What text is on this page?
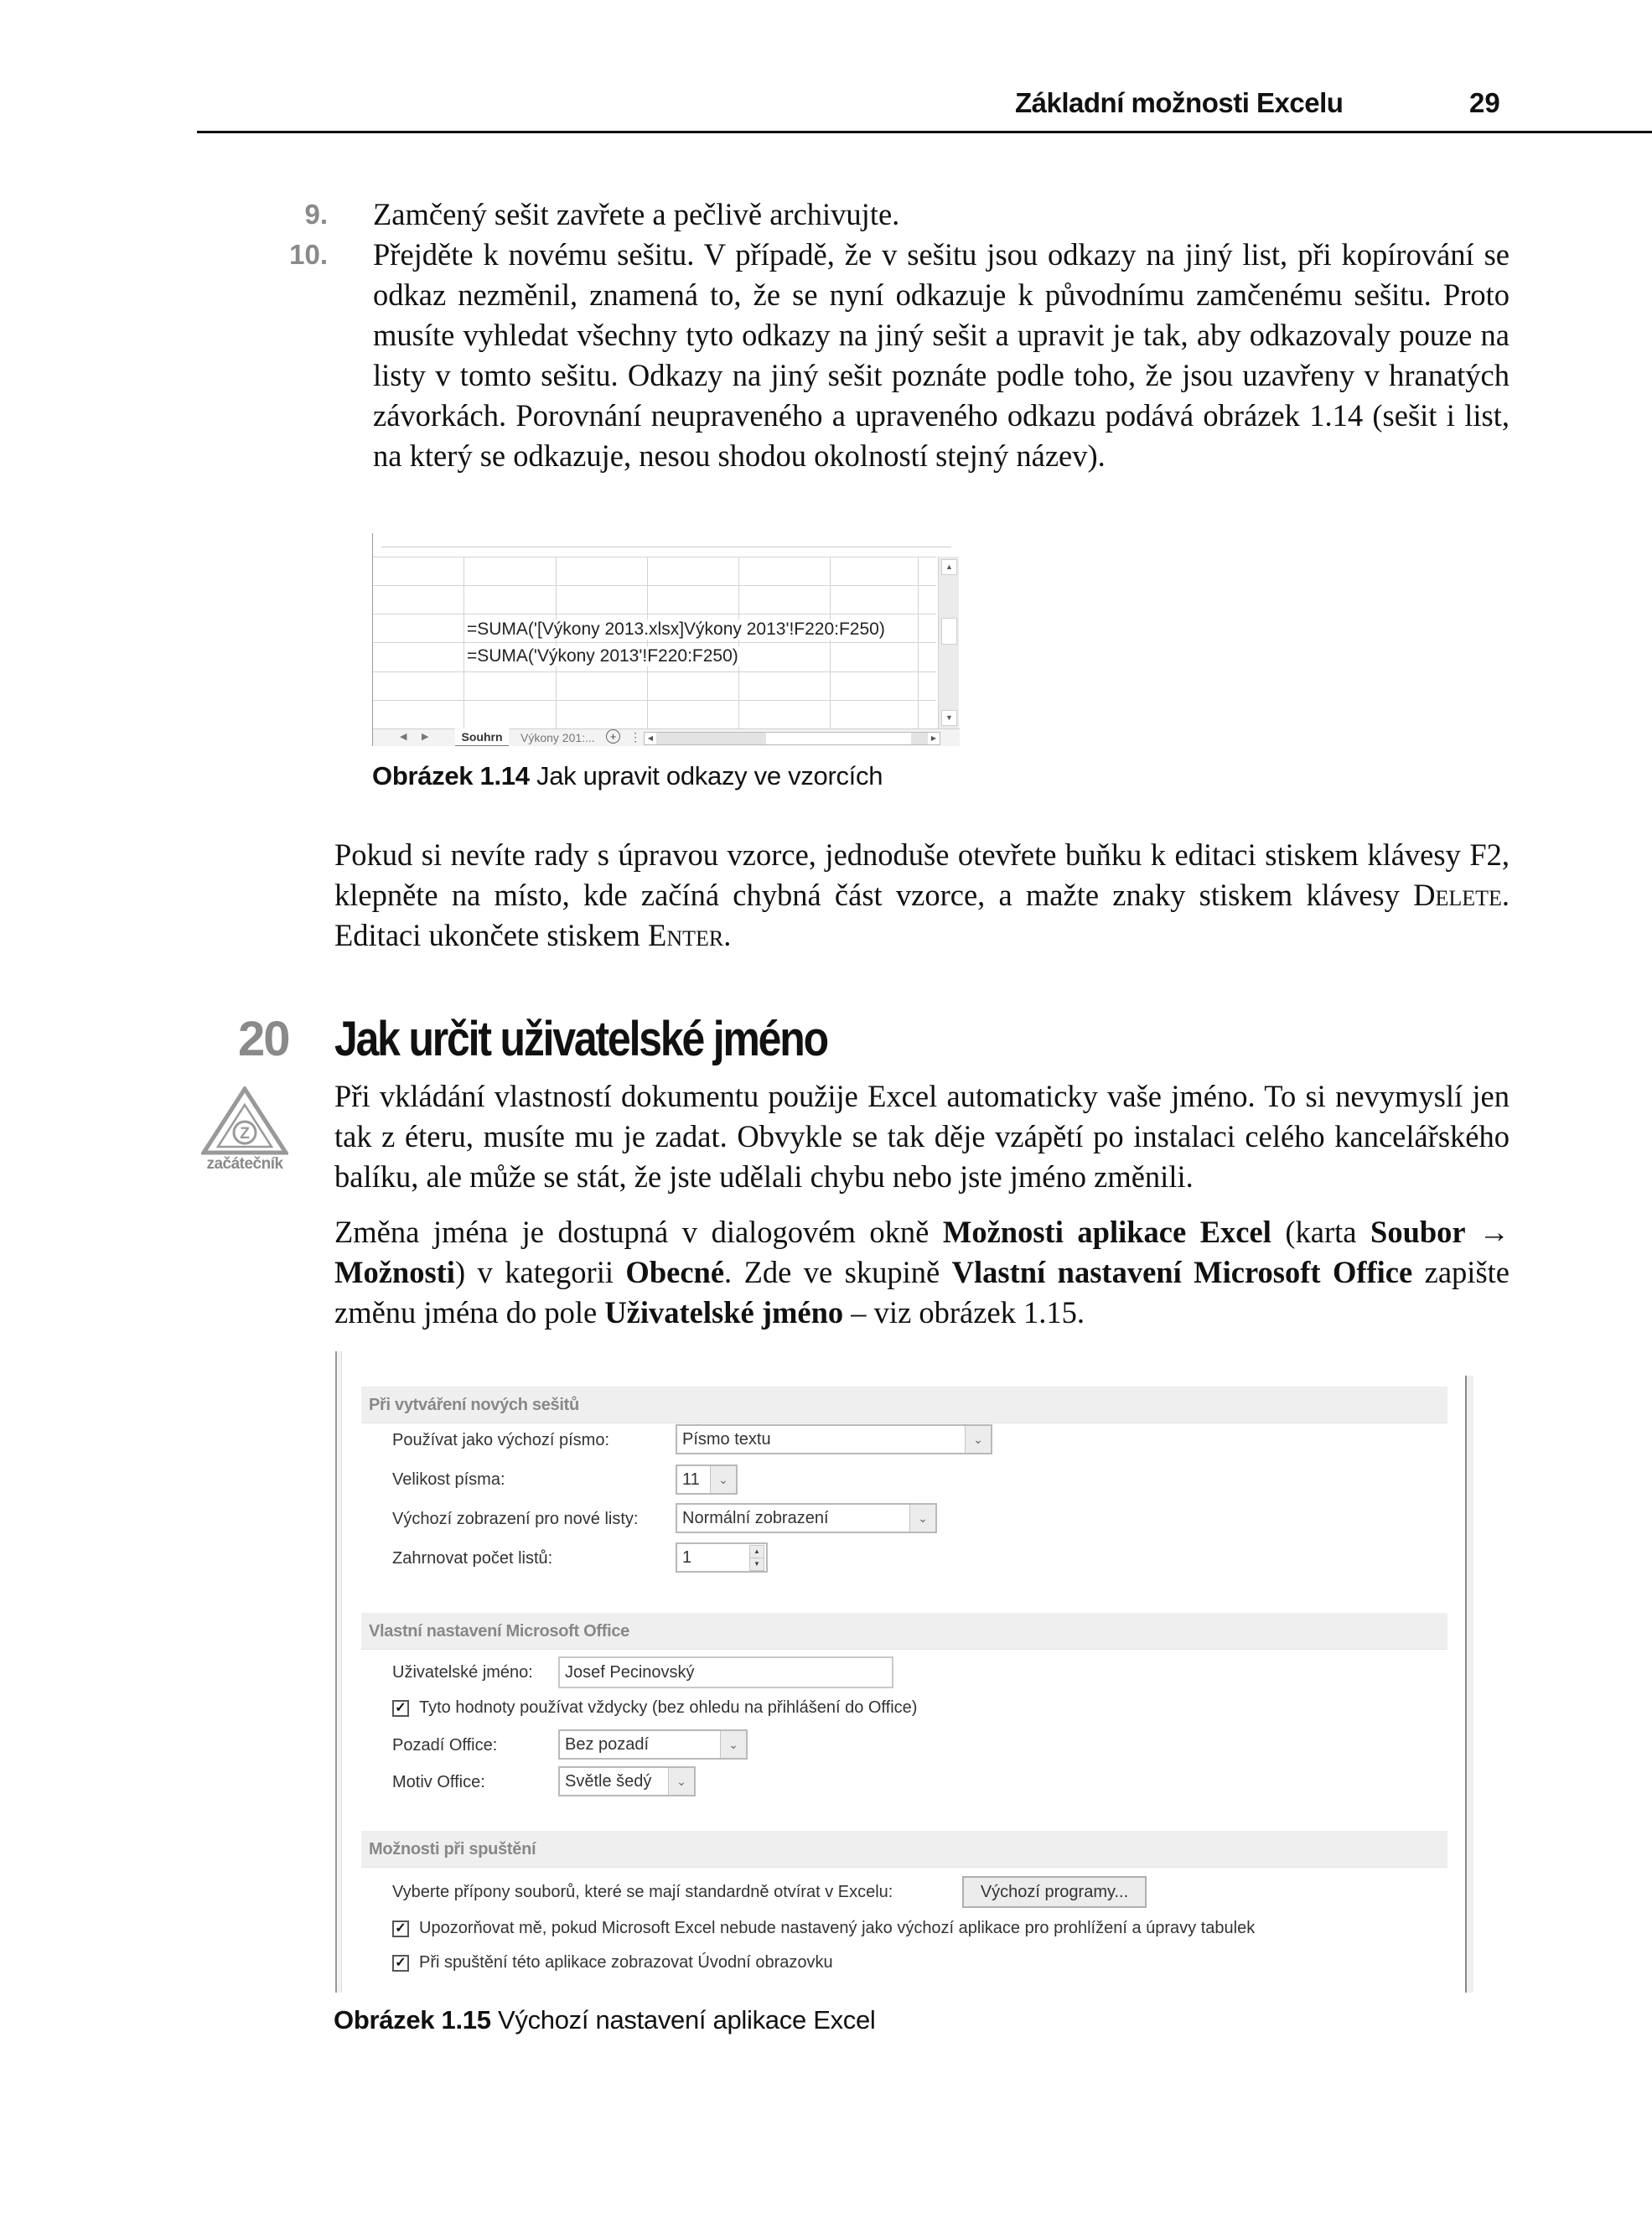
Základní možnosti Excelu	29
9.	Zamčený sešit zavřete a pečlivě archivujte.
10.	Přejděte k novému sešitu. V případě, že v sešitu jsou odkazy na jiný list, při kopírování se odkaz nezměnil, znamená to, že se nyní odkazuje k původnímu zamčenému sešitu. Proto musíte vyhledat všechny tyto odkazy na jiný sešit a upravit je tak, aby odkazovaly pouze na listy v tomto sešitu. Odkazy na jiný sešit poznáte podle toho, že jsou uzavřeny v hranatých závorkách. Porovnání neupraveného a upraveného odkazu podává obrázek 1.14 (sešit i list, na který se odkazuje, nesou shodou okolností stejný název).
=SUMA('[Výkony 2013.xlsx]Výkony 2013'!F220:F250)
=SUMA('Výkony 2013'!F220:F250)
▲
▼
◀ ▶	Souhrn	Výkony 201: ...	+	⋮ ◀	▶
Obrázek 1.14 Jak upravit odkazy ve vzorcích
Pokud si nevíte rady s úpravou vzorce, jednoduše otevřete buňku k editaci stiskem klávesy F2, klepněte na místo, kde začíná chybná část vzorce, a mažte znaky stiskem klávesy Delete. Editaci ukončete stiskem Enter.
20 Jak určit uživatelské jméno
Z
začátečník
Při vkládání vlastností dokumentu použije Excel automaticky vaše jméno. To si nevymyslí jen tak z éteru, musíte mu je zadat. Obvykle se tak děje vzápětí po instalaci celého kancelářského balíku, ale může se stát, že jste udělali chybu nebo jste jméno změnili.
Změna jména je dostupná v dialogovém okně Možnosti aplikace Excel (karta Soubor → Možnosti) v kategorii Obecné. Zde ve skupině Vlastní nastavení Microsoft Office zapište změnu jména do pole Uživatelské jméno – viz obrázek 1.15.
Při vytváření nových sešitů
Používat jako výchozí písmo:	Písmo textu	⌄
Velikost písma:	11	⌄
Výchozí zobrazení pro nové listy:	Normální zobrazení	⌄
Zahrnovat počet listů:	1	▲
▼
Vlastní nastavení Microsoft Office
Uživatelské jméno:	Josef Pecinovský
✓ Tyto hodnoty používat vždycky (bez ohledu na přihlášení do Office)
Pozadí Office:	Bez pozadí	⌄
Motiv Office:	Světle šedý	⌄
Možnosti při spuštění
Vyberte přípony souborů, které se mají standardně otvírat v Excelu:	Výchozí programy...
✓ Upozorňovat mě, pokud Microsoft Excel nebude nastavený jako výchozí aplikace pro prohlížení a úpravy tabulek
✓ Při spuštění této aplikace zobrazovat Úvodní obrazovku
Obrázek 1.15 Výchozí nastavení aplikace Excel
